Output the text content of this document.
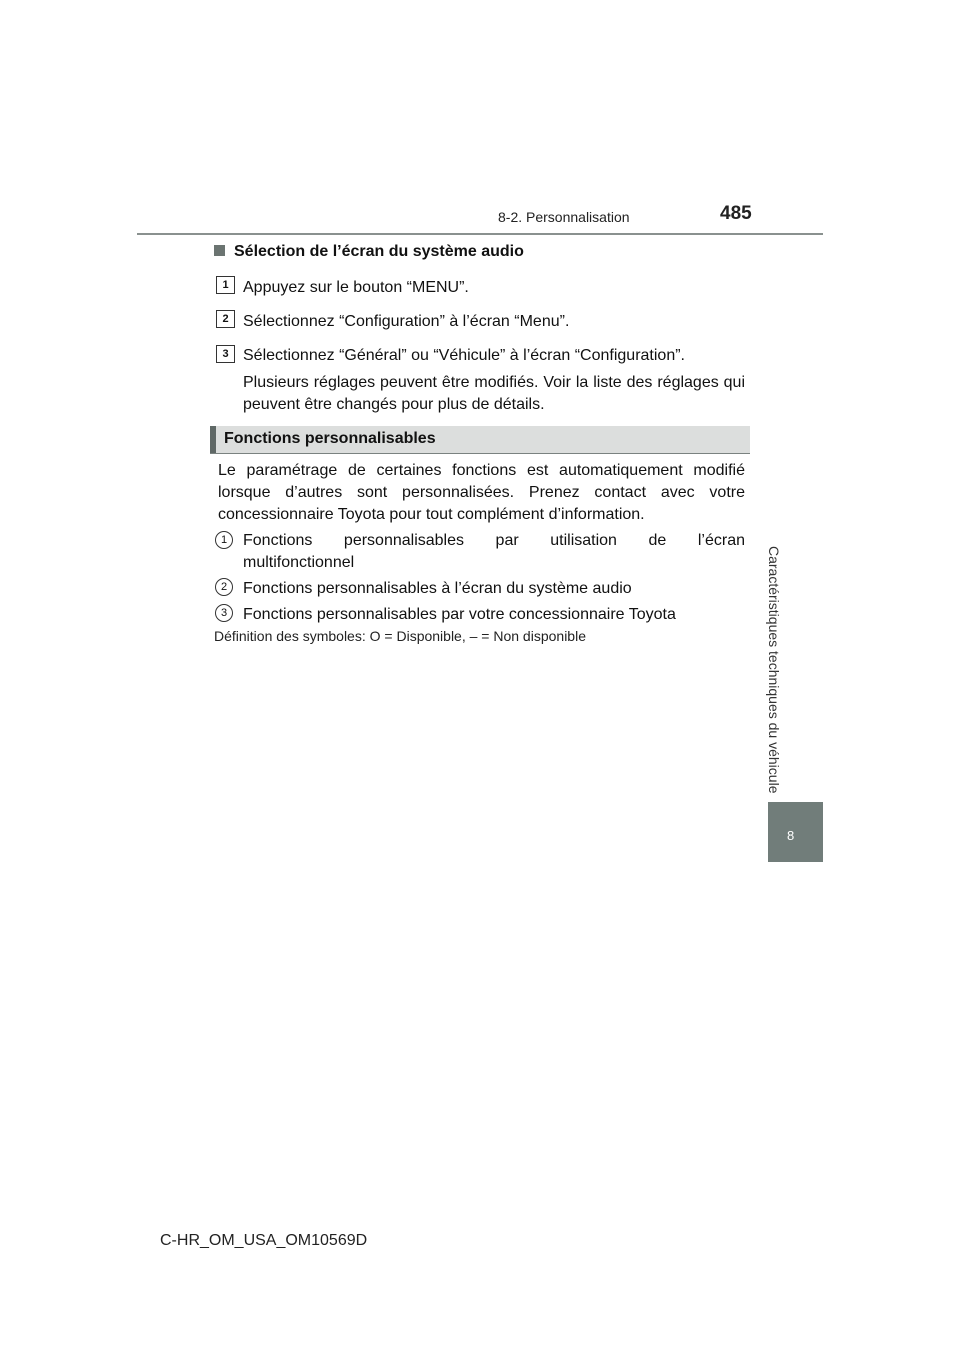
8-2. Personnalisation	485
Caractéristiques techniques du véhicule
8
Sélection de l’écran du système audio
1 Appuyez sur le bouton “MENU”.
2 Sélectionnez “Configuration” à l’écran “Menu”.
3 Sélectionnez “Général” ou “Véhicule” à l’écran “Configuration”.
Plusieurs réglages peuvent être modifiés. Voir la liste des réglages qui peuvent être changés pour plus de détails.
Fonctions personnalisables
Le paramétrage de certaines fonctions est automatiquement modifié lorsque d’autres sont personnalisées. Prenez contact avec votre concessionnaire Toyota pour tout complément d’information.
1 Fonctions personnalisables par utilisation de l’écran multifonctionnel
2 Fonctions personnalisables à l’écran du système audio
3 Fonctions personnalisables par votre concessionnaire Toyota
Définition des symboles: O = Disponible, – = Non disponible
C-HR_OM_USA_OM10569D
